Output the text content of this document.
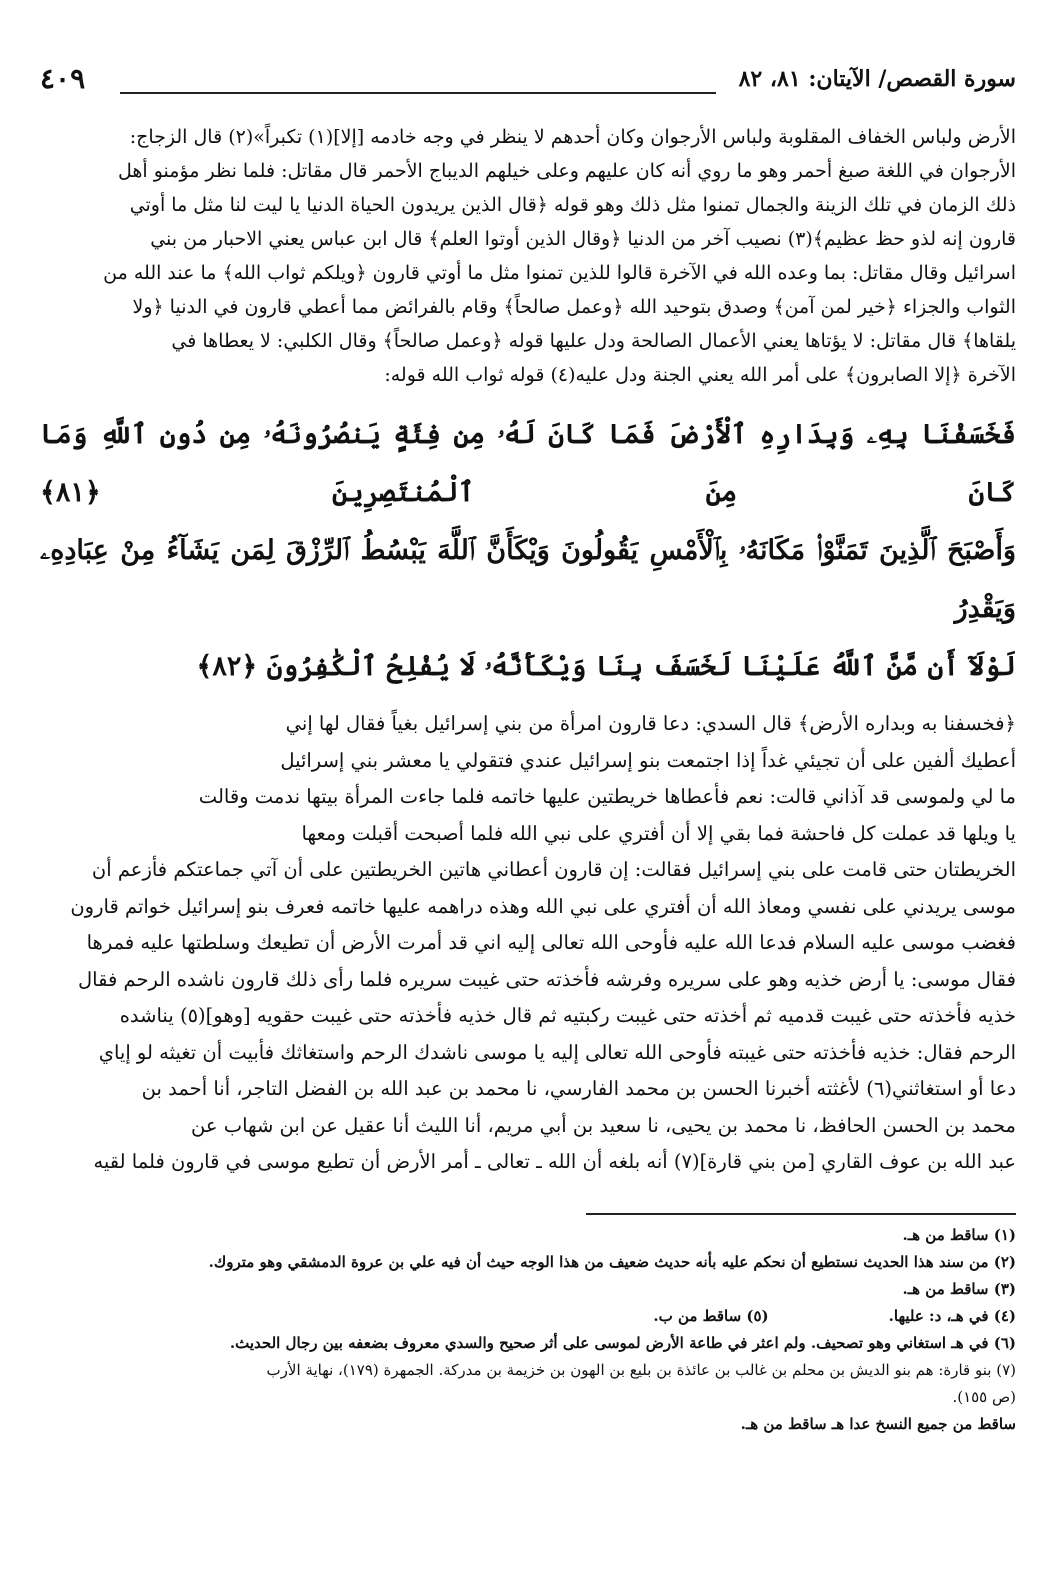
سورة القصص/ الآيتان: ٨١، ٨٢
٤٠٩

الأرض ولباس الخفاف المقلوبة ولباس الأرجوان وكان أحدهم لا ينظر في وجه خادمه [إلا](١) تكبراً»(٢) قال الزجاج:

الأرجوان في اللغة صبغ أحمر وهو ما روي أنه كان عليهم وعلى خيلهم الديباج الأحمر قال مقاتل: فلما نظر مؤمنو أهل

ذلك الزمان في تلك الزينة والجمال تمنوا مثل ذلك وهو قوله ﴿قال الذين يريدون الحياة الدنيا يا ليت لنا مثل ما أوتي

قارون إنه لذو حظ عظيم﴾(٣) نصيب آخر من الدنيا ﴿وقال الذين أوتوا العلم﴾ قال ابن عباس يعني الاحبار من بني

اسرائيل وقال مقاتل: بما وعده الله في الآخرة قالوا للذين تمنوا مثل ما أوتي قارون ﴿ويلكم ثواب الله﴾ ما عند الله من

الثواب والجزاء ﴿خير لمن آمن﴾ وصدق بتوحيد الله ﴿وعمل صالحاً﴾ وقام بالفرائض مما أعطي قارون في الدنيا ﴿ولا

يلقاها﴾ قال مقاتل: لا يؤتاها يعني الأعمال الصالحة ودل عليها قوله ﴿وعمل صالحاً﴾ وقال الكلبي: لا يعطاها في

الآخرة ﴿إلا الصابرون﴾ على أمر الله يعني الجنة ودل عليه(٤) قوله ثواب الله قوله:

فَخَسَفْنَا بِهِۦ وَبِدَارِهِ ٱلْأَرْضَ فَمَا كَانَ لَهُۥ مِن فِئَةٍ يَنصُرُونَهُۥ مِن دُونِ ٱللَّهِ وَمَا كَانَ مِنَ ٱلْمُنتَصِرِينَ ﴿٨١﴾

وَأَصْبَحَ ٱلَّذِينَ تَمَنَّوْا۟ مَكَانَهُۥ بِٱلْأَمْسِ يَقُولُونَ وَيْكَأَنَّ ٱللَّهَ يَبْسُطُ ٱلرِّزْقَ لِمَن يَشَآءُ مِنْ عِبَادِهِۦ وَيَقْدِرُ

لَوْلَآ أَن مَّنَّ ٱللَّهُ عَلَيْنَا لَخَسَفَ بِنَا وَيْكَأَنَّهُۥ لَا يُفْلِحُ ٱلْكَٰفِرُونَ ﴿٨٢﴾

﴿فخسفنا به وبداره الأرض﴾ قال السدي: دعا قارون امرأة من بني إسرائيل بغياً فقال لها إني

أعطيك ألفين على أن تجيئي غداً إذا اجتمعت بنو إسرائيل عندي فتقولي يا معشر بني إسرائيل

ما لي ولموسى قد آذاني قالت: نعم فأعطاها خريطتين عليها خاتمه فلما جاءت المرأة بيتها ندمت وقالت

يا ويلها قد عملت كل فاحشة فما بقي إلا أن أفتري على نبي الله فلما أصبحت أقبلت ومعها

الخريطتان حتى قامت على بني إسرائيل فقالت: إن قارون أعطاني هاتين الخريطتين على أن آتي جماعتكم فأزعم أن

موسى يريدني على نفسي ومعاذ الله أن أفتري على نبي الله وهذه دراهمه عليها خاتمه فعرف بنو إسرائيل خواتم قارون

فغضب موسى عليه السلام فدعا الله عليه فأوحى الله تعالى إليه اني قد أمرت الأرض أن تطيعك وسلطتها عليه فمرها

فقال موسى: يا أرض خذيه وهو على سريره وفرشه فأخذته حتى غيبت سريره فلما رأى ذلك قارون ناشده الرحم فقال

خذيه فأخذته حتى غيبت قدميه ثم أخذته حتى غيبت ركبتيه ثم قال خذيه فأخذته حتى غيبت حقويه [وهو](٥) يناشده

الرحم فقال: خذيه فأخذته حتى غيبته فأوحى الله تعالى إليه يا موسى ناشدك الرحم واستغاثك فأبيت أن تغيثه لو إياي

دعا أو استغاثني(٦) لأغثته أخبرنا الحسن بن محمد الفارسي، نا محمد بن عبد الله بن الفضل التاجر، أنا أحمد بن

محمد بن الحسن الحافظ، نا محمد بن يحيى، نا سعيد بن أبي مريم، أنا الليث أنا عقيل عن ابن شهاب عن

عبد الله بن عوف القاري [من بني قارة](٧) أنه بلغه أن الله ـ تعالى ـ أمر الأرض أن تطيع موسى في قارون فلما لقيه

(١) ساقط من هـ.

(٢) من سند هذا الحديث نستطيع أن نحكم عليه بأنه حديث ضعيف من هذا الوجه حيث أن فيه علي بن عروة الدمشقي وهو متروك.

(٣) ساقط من هـ.

(٤) في هـ، د: عليها.
(٥) ساقط من ب.

(٦) في هـ استغاني وهو تصحيف. ولم اعثر في طاعة الأرض لموسى على أثر صحيح والسدي معروف بضعفه بين رجال الحديث.

(٧) بنو قارة: هم بنو الديش بن محلم بن غالب بن عائذة بن بليع بن الهون بن خزيمة بن مدركة. الجمهرة (١٧٩)، نهاية الأرب

(ص ١٥٥).

ساقط من جميع النسخ عدا هـ ساقط من هـ.
